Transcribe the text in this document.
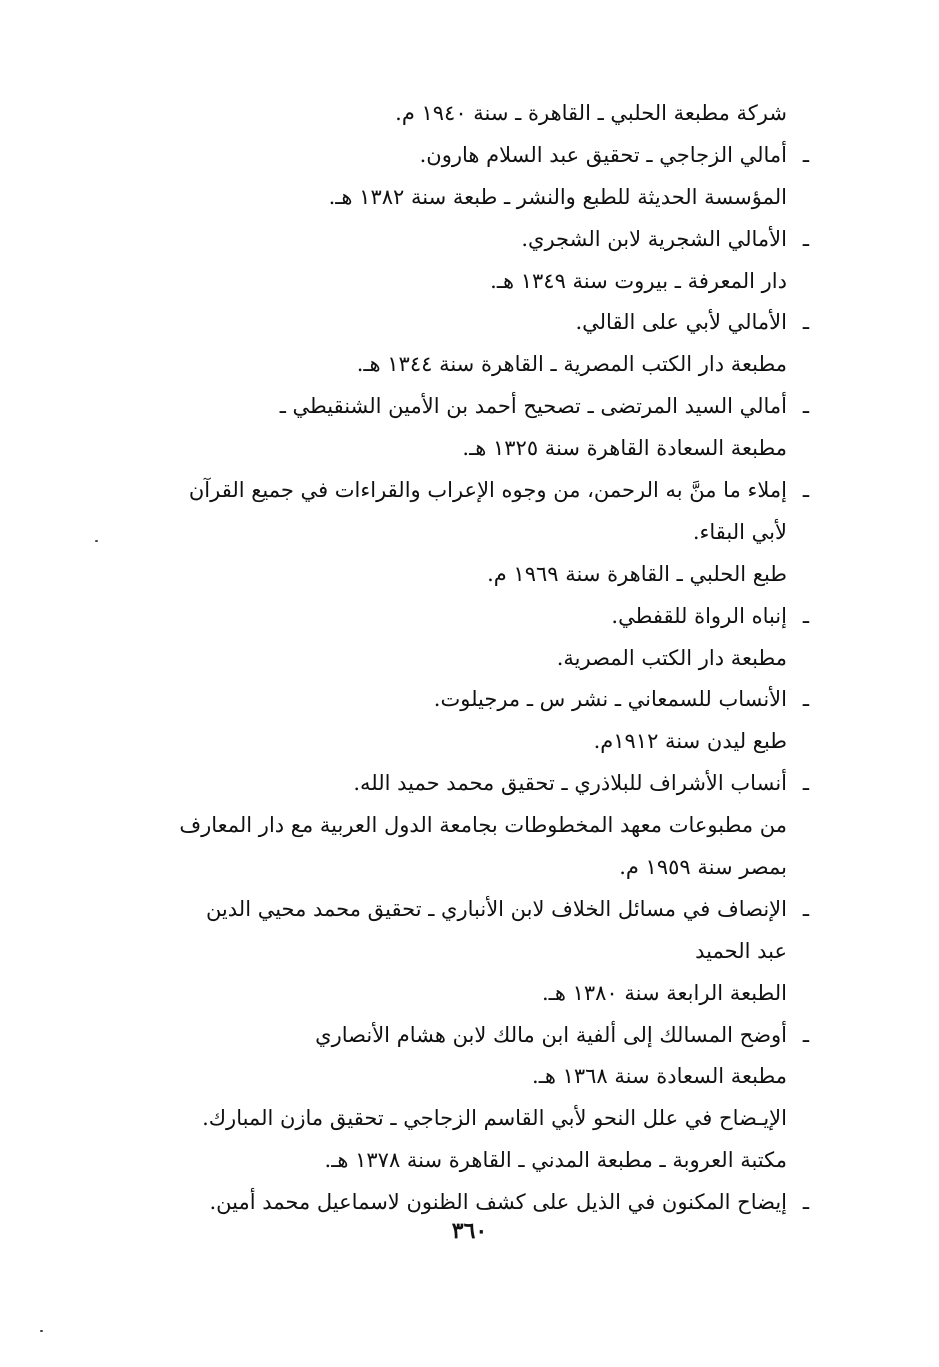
شركة مطبعة الحلبي ـ القاهرة ـ سنة ١٩٤٠ م.
ـأمالي الزجاجي ـ تحقيق عبد السلام هارون.
المؤسسة الحديثة للطبع والنشر ـ طبعة سنة ١٣٨٢ هـ.
ـالأمالي الشجرية لابن الشجري.
دار المعرفة ـ بيروت سنة ١٣٤٩ هـ.
ـالأمالي لأبي على القالي.
مطبعة دار الكتب المصرية ـ القاهرة سنة ١٣٤٤ هـ.
ـأمالي السيد المرتضى ـ تصحيح أحمد بن الأمين الشنقيطي ـ
مطبعة السعادة القاهرة سنة ١٣٢٥ هـ.
ـإملاء ما منَّ به الرحمن، من وجوه الإعراب والقراءات في جميع القرآن
لأبي البقاء.
طبع الحلبي ـ القاهرة سنة ١٩٦٩ م.
ـإنباه الرواة للقفطي.
مطبعة دار الكتب المصرية.
ـالأنساب للسمعاني ـ نشر س ـ مرجيلوت.
طبع ليدن سنة ١٩١٢م.
ـأنساب الأشراف للبلاذري ـ تحقيق محمد حميد الله.
من مطبوعات معهد المخطوطات بجامعة الدول العربية مع دار المعارف
بمصر سنة ١٩٥٩ م.
ـالإنصاف في مسائل الخلاف لابن الأنباري ـ تحقيق محمد محيي الدين
عبد الحميد
الطبعة الرابعة سنة ١٣٨٠ هـ.
ـأوضح المسالك إلى ألفية ابن مالك لابن هشام الأنصاري
مطبعة السعادة سنة ١٣٦٨ هـ.
الإيـضاح في علل النحو لأبي القاسم الزجاجي ـ تحقيق مازن المبارك.
مكتبة العروبة ـ مطبعة المدني ـ القاهرة سنة ١٣٧٨ هـ.
ـإيضاح المكنون في الذيل على كشف الظنون لاسماعيل محمد أمين.
٣٦٠
